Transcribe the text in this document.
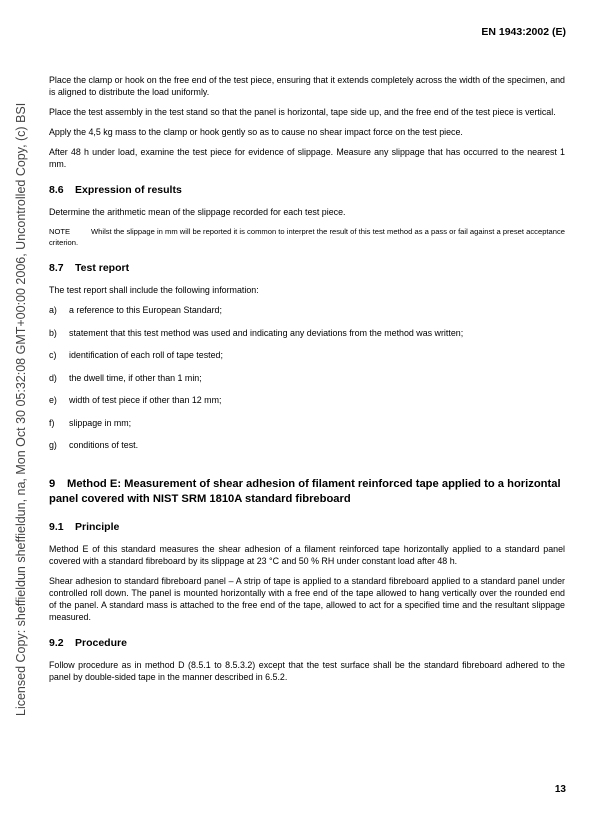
EN 1943:2002 (E)
Licensed Copy: sheffieldun sheffieldun, na, Mon Oct 30 05:32:08 GMT+00:00 2006, Uncontrolled Copy, (c) BSI

Place the clamp or hook on the free end of the test piece, ensuring that it extends completely across the width of the specimen, and is aligned to distribute the load uniformly.

Place the test assembly in the test stand so that the panel is horizontal, tape side up, and the free end of the test piece is vertical.

Apply the 4,5 kg mass to the clamp or hook gently so as to cause no shear impact force on the test piece.

After 48 h under load, examine the test piece for evidence of slippage. Measure any slippage that has occurred to the nearest 1 mm.

8.6 Expression of results

Determine the arithmetic mean of the slippage recorded for each test piece.

NOTE	Whilst the slippage in mm will be reported it is common to interpret the result of this test method as a pass or fail against a preset acceptance criterion.
8.7 Test report

The test report shall include the following information:

a)	a reference to this European Standard;
b)	statement that this test method was used and indicating any deviations from the method was written;
c)	identification of each roll of tape tested;
d)	the dwell time, if other than 1 min;
e)	width of test piece if other than 12 mm;
f)	slippage in mm;
g)	conditions of test.
9 Method E: Measurement of shear adhesion of filament reinforced tape applied to a horizontal panel covered with NIST SRM 1810A standard fibreboard
9.1 Principle

Method E of this standard measures the shear adhesion of a filament reinforced tape horizontally applied to a standard panel covered with a standard fibreboard by its slippage at 23 °C and 50 % RH under constant load after 48 h.

Shear adhesion to standard fibreboard panel – A strip of tape is applied to a standard fibreboard applied to a standard panel under controlled roll down. The panel is mounted horizontally with a free end of the tape allowed to hang vertically over the rounded end of the panel. A standard mass is attached to the free end of the tape, allowed to act for a specified time and the resultant slippage measured.

9.2 Procedure

Follow procedure as in method D (8.5.1 to 8.5.3.2) except that the test surface shall be the standard fibreboard adhered to the panel by double-sided tape in the manner described in 6.5.2.

13
